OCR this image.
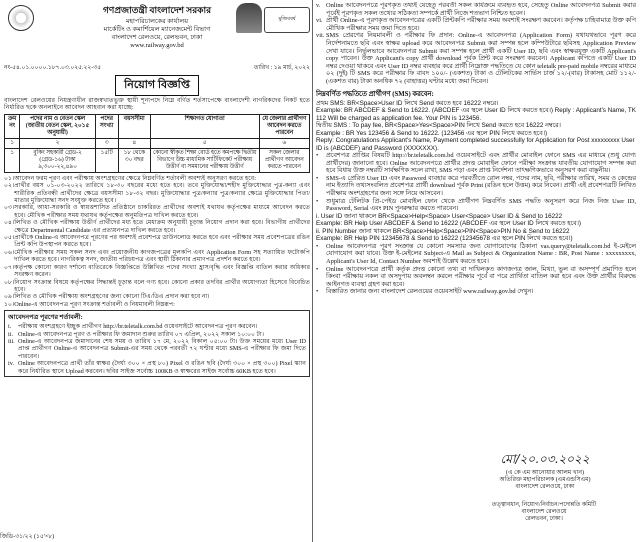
মুজিববর্ষ
গণপ্রজাতন্ত্রী বাংলাদেশ সরকার
মহাপরিচালকের কার্যালয়
মার্কেটিং ও কমার্শিয়েল ম্যানেজমেন্ট বিভাগ
বাংলাদেশ রেলওয়ে, রেলভবন, ঢাকা
www.railway.gov.bd
নং-৫৪.০১.০০০০.১৮৭.০৩.০২৫.২২-৩৫	তারিখ : ১৯ মার্চ, ২০২২
নিয়োগ বিজ্ঞপ্তি

বাংলাদেশ রেলওয়ের নিয়ন্ত্রণাধীন রাজস্বখাতভুক্ত স্থায়ী শূন্যপদে নিম্নে বর্ণিত শর্তসাপেক্ষে বাংলাদেশী নাগরিকদের নিকট হতে নির্ধারিত ছকে অনলাইনে আবেদন আহবান করা যাচ্ছে:

ক্রম নং	পদের নাম ও বেতন স্কেল (জাতীয় বেতন স্কেল, ২০১৫ অনুযায়ী)	পদের সংখ্যা	বয়সসীমা	শিক্ষাগত যোগ্যতা	যে জেলার প্রার্থীগণ আবেদন করতে পারবেন
১	২	৩	৪	৫	৬
১	বুকিং সহকারী গ্রেড-২ (গ্রেড-১৬) টাকা ৯,৩০০-২২,৪৯০	১৫টি	১৮ থেকে ৩০ বছর	কোনো স্বীকৃত শিক্ষা বোর্ড হতে কমপক্ষে দ্বিতীয় বিভাগে উচ্চ মাধ্যমিক সার্টিফিকেট পরীক্ষায় উত্তীর্ণ বা সমমানের পরীক্ষায় উত্তীর্ণ	সকল জেলার প্রার্থীগণ আবেদন করতে পারবেন
০১। আবেদন ফরম পূরণ এবং পরীক্ষায় অংশগ্রহণের ক্ষেত্রে নিম্নবর্ণিত শর্তাবলী অবশ্যই অনুসরণ করতে হবে:
০২। প্রার্থীর বয়স ০১-০৩-২০২২ তারিখে ১৮-৩০ বছরের মধ্যে হতে হবে। তবে মুক্তিযোদ্ধা/শহীদ মুক্তিযোদ্ধার পুত্র-কন্যা এবং শারীরিক প্রতিবন্ধী প্রার্থীদের ক্ষেত্রে বয়সসীমা ১৮-৩২ বছর। মুক্তিযোদ্ধার পুত্র/কন্যার পুত্র/কন্যার ক্ষেত্রে মুক্তিযোদ্ধার পিতা/মাতার মুক্তিযোদ্ধা সনদ সংযুক্ত করতে হবে।
০৩। সরকারি, আধা-সরকারি ও স্বায়ত্তশাসিত প্রতিষ্ঠানে চাকরিরত প্রার্থীদের অবশ্যই যথাযথ কর্তৃপক্ষের মাধ্যমে আবেদন করতে হবে। মৌখিক পরীক্ষার সময় যথাযথ কর্তৃপক্ষের অনুমতিপত্র দাখিল করতে হবে।
০৪। লিখিত ও মৌখিক পরীক্ষায় উত্তীর্ণ প্রার্থীদের মধ্য হতে মেধাক্রম অনুযায়ী চূড়ান্ত নিয়োগ প্রদান করা হবে। বিভাগীয় প্রার্থীদের ক্ষেত্রে Departmental Candidate এর প্রত্যয়নপত্র দাখিল করতে হবে।
০৫। প্রার্থীকে Online-এ আবেদনপত্র পূরণের পর অবশ্যই প্রবেশপত্র ডাউনলোড করতে হবে এবং পরীক্ষার সময় প্রবেশপত্রের রঙিন প্রিন্ট কপি উপস্থাপন করতে হবে।
০৬। মৌখিক পরীক্ষার সময় সকল সনদ এবং প্রয়োজনীয় কাগজপত্রের মূলকপি এবং Application Form সহ সত্যায়িত ফটোকপি দাখিল করতে হবে। নাগরিকত্ব সনদ, জাতীয় পরিচয়পত্র এবং স্থায়ী ঠিকানার প্রমাণপত্র প্রদর্শন করতে হবে।
০৭। কর্তৃপক্ষ কোনো কারণ দর্শানো ব্যতিরেকে বিজ্ঞপ্তিতে উল্লিখিত পদের সংখ্যা হ্রাস/বৃদ্ধি এবং বিজ্ঞপ্তি বাতিল করার অধিকার সংরক্ষণ করেন।
০৮। নিয়োগ সংক্রান্ত বিষয়ে কর্তৃপক্ষের সিদ্ধান্তই চূড়ান্ত বলে গণ্য হবে। কোনো প্রকার তদবির প্রার্থীর অযোগ্যতা হিসেবে বিবেচিত হবে।
০৯। লিখিত ও মৌখিক পরীক্ষায় অংশগ্রহণের জন্য কোনো টিএ/ডিএ প্রদান করা হবে না।
১০। Online-এ আবেদনপত্র পূরণ সংক্রান্ত শর্তাবলী ও নিয়মাবলী নিম্নরূপ:
আবেদনপত্র পূরণের শর্তাবলী:
i.	পরীক্ষায় অংশগ্রহণে ইচ্ছুক প্রার্থীগণ http://br.teletalk.com.bd ওয়েবসাইটে আবেদনপত্র পূরণ করবেন।
ii. Online-এ আবেদনপত্র পূরণ ও পরীক্ষার ফি জমাদান শুরুর তারিখ ০৭ এপ্রিল, ২০২২ সকাল ১০:০০ টা।
iii. Online-এ আবেদনপত্র জমাদানের শেষ সময় ও তারিখ ১৭ মে, ২০২২ বিকাল ০৫:০০ টা। উক্ত সময়ের মধ্যে User ID প্রাপ্ত প্রার্থীগণ Online-এ আবেদনপত্র Submit-এর সময় থেকে পরবর্তী ৭২ ঘণ্টার মধ্যে SMS-এ পরীক্ষার ফি জমা দিতে পারবেন।
iv. Online আবেদনপত্রে প্রার্থী তাঁর স্বাক্ষর (দৈর্ঘ্য ৩০০ × প্রস্থ ৮০) Pixel ও রঙিন ছবি (দৈর্ঘ্য ৩০০ × প্রস্থ ৩০০) Pixel স্ক্যান করে নির্ধারিত স্থানে Upload করবেন। ছবির সাইজ সর্বোচ্চ 100KB ও স্বাক্ষরের সাইজ সর্বোচ্চ 60KB হতে হবে।
v. Online আবেদনপত্রে পূরণকৃত তথ্যই যেহেতু পরবর্তী সকল কার্যক্রমে ব্যবহৃত হবে, সেহেতু Online আবেদনপত্র Submit করার পূর্বেই পূরণকৃত সকল তথ্যের সঠিকতা সম্পর্কে প্রার্থী নিজে শতভাগ নিশ্চিত হবেন।
vi. প্রার্থী Online-এ পূরণকৃত আবেদনপত্রের একটি প্রিন্টকপি পরীক্ষার সময় অবশ্যই সংরক্ষণ করবেন। কর্তৃপক্ষ চাহিবামাত্র উক্ত কপি মৌখিক পরীক্ষার সময় জমা দিতে হবে।
vii. SMS প্রেরণের নিয়মাবলী ও পরীক্ষার ফি প্রদান: Online-এ আবেদনপত্র (Application Form) যথাযথভাবে পূরণ করে নির্দেশনামতে ছবি এবং স্বাক্ষর upload করে আবেদনপত্র Submit করা সম্পন্ন হলে কম্পিউটারে ছবিসহ Application Preview দেখা যাবে। নির্ভুলভাবে আবেদনপত্র Submit করা সম্পন্ন হলে প্রার্থী একটি User ID, ছবি এবং স্বাক্ষরযুক্ত একটি Applicant's copy পাবেন। উক্ত Applicant's copy প্রার্থী download পূর্বক প্রিন্ট করে সংরক্ষণ করবেন। Applicant কপিতে একটি User ID নম্বর দেওয়া থাকবে এবং User ID নম্বর ব্যবহার করে প্রার্থী নিম্নোক্ত পদ্ধতিতে যে কোন teletalk pre-paid mobile নম্বরের মাধ্যমে ০২ (দুই) টি SMS করে পরীক্ষার ফি বাবদ ১০০/- (একশত) টাকা ও টেলিটকের সার্ভিস চার্জ ১২/-(বার) টাকাসহ মোট ১১২/-(একশত বার) টাকা অনধিক ৭২ (বাহাত্তর) ঘণ্টার মধ্যে জমা দিবেন।
নিম্নবর্ণিত পদ্ধতিতে প্রার্থীগণ (SMS) করবেন:
প্রথম SMS: BR<Space>User ID লিখে Send করতে হবে 16222 নম্বরে।
Example: BR ABCDEF & Send to 16222. (ABCDEF এর স্থলে User ID লিখে করতে হবে।) Reply : Applicant's Name, TK 112 Will be charged as application fee. Your PIN is 123456.
দ্বিতীয় SMS : To pay fee, BR<Space>Yes<Space>PIN লিখে Send করতে হবে 16222 নম্বরে।
Example : BR Yes 123456 & Send to 16222. (123456 এর স্থলে PIN লিখে করতে হবে।)
Reply: Congratulations Applicant's Name, Payment completed successfully for Application for Post xxxxxxxxx User ID is (ABCDEF) and Password (XXXXXXX).
•	প্রবেশপত্র প্রাপ্তির বিষয়টি http://br.teletalk.com.bd ওয়েবসাইটে এবং প্রার্থীর মোবাইল ফোনে SMS এর মাধ্যমে (শুধু যোগ্য প্রার্থীদের) জানানো হবে। Online আবেদনপত্রে প্রার্থীর প্রদত্ত মোবাইল ফোনে পরীক্ষা সংক্রান্ত যাবতীয় যোগাযোগ সম্পন্ন করা হবে বিধায় উক্ত নম্বরটি সার্বক্ষণিক সচল রাখা, SMS পড়া এবং প্রাপ্ত নির্দেশনা তাৎক্ষণিকভাবে অনুসরণ করা বাঞ্ছনীয়।
•	SMS-এ প্রেরিত User ID এবং Password ব্যবহার করে পরবর্তীতে রোল নম্বর, পদের নাম, ছবি, পরীক্ষার তারিখ, সময় ও কেন্দ্রের নাম ইত্যাদি তথ্যসংবলিত প্রবেশপত্র প্রার্থী download পূর্বক Print (রঙিন হলে উত্তম) করে নিবেন। প্রার্থী এই প্রবেশপত্রটি লিখিত পরীক্ষায় অংশগ্রহণের জন্য সঙ্গে নিয়ে আসবেন।
•	শুধুমাত্র টেলিটক প্রি-পেইড মোবাইল ফোন থেকে প্রার্থীগণ নিম্নবর্ণিত SMS পদ্ধতি অনুসরণ করে নিজ নিজ User ID, Password, Serial এবং PIN পুনরুদ্ধার করতে পারবেন।
i. User ID জানা থাকলে BR<Space>Help<Space> User<Space> User ID & Send to 16222
Example: BR Help User ABCDEF & Send to 16222 (ABCDEF এর স্থলে User ID লিখে করতে হবে।)
ii. PIN Number জানা থাকলে BR<Space>Help<Space>PIN<Space>PIN No & Send to 16222
Example: BR Help PIN 12345678 & Send to 16222 (12345678 এর স্থলে PIN লিখে করতে হবে।)
•	Online আবেদনপত্র পূরণ সংক্রান্ত যে কোনো সমস্যার জন্য যোগাযোগের ঠিকানা vas.query@teletalk.com.bd ই-মেইলে যোগাযোগ করা যাবে। উক্ত ই-মেইলের Subject-এ Mail as Subject & Organization Name : BR, Post Name : xxxxxxxxx, Applicant's User Id, Contact Number অবশ্যই উল্লেখ করতে হবে।
•	Online আবেদনপত্রে প্রার্থী কর্তৃক প্রদত্ত কোনো তথ্য বা দাখিলকৃত কাগজপত্র জাল, মিথ্যা, ভুল বা অসম্পূর্ণ প্রমাণিত হলে কিংবা পরীক্ষায় নকল বা অসদুপায় অবলম্বন করলে পরীক্ষার পূর্বে বা পরে প্রার্থিতা বাতিল করা হবে এবং উক্ত প্রার্থীর বিরুদ্ধে আইনগত ব্যবস্থা গ্রহণ করা হবে।
•	বিস্তারিত জানার জন্য বাংলাদেশ রেলওয়ের ওয়েবসাইট www.railway.gov.bd দেখুন।
মো/২০.০৩.২০২২
(এ কে এম আনোয়ার আলম খান)
অতিরিক্ত মহাপরিচালক (এমএন্ডসিএম)
বাংলাদেশ রেলওয়ে, ঢাকা
তত্ত্বাবধান, নিয়োগ/নির্বাচন/পদোন্নতি কমিটি
বাংলাদেশ রেলওয়ে
রেলভবন, ঢাকা।
জিডি-৩১/২২ (১৫'×৮)
